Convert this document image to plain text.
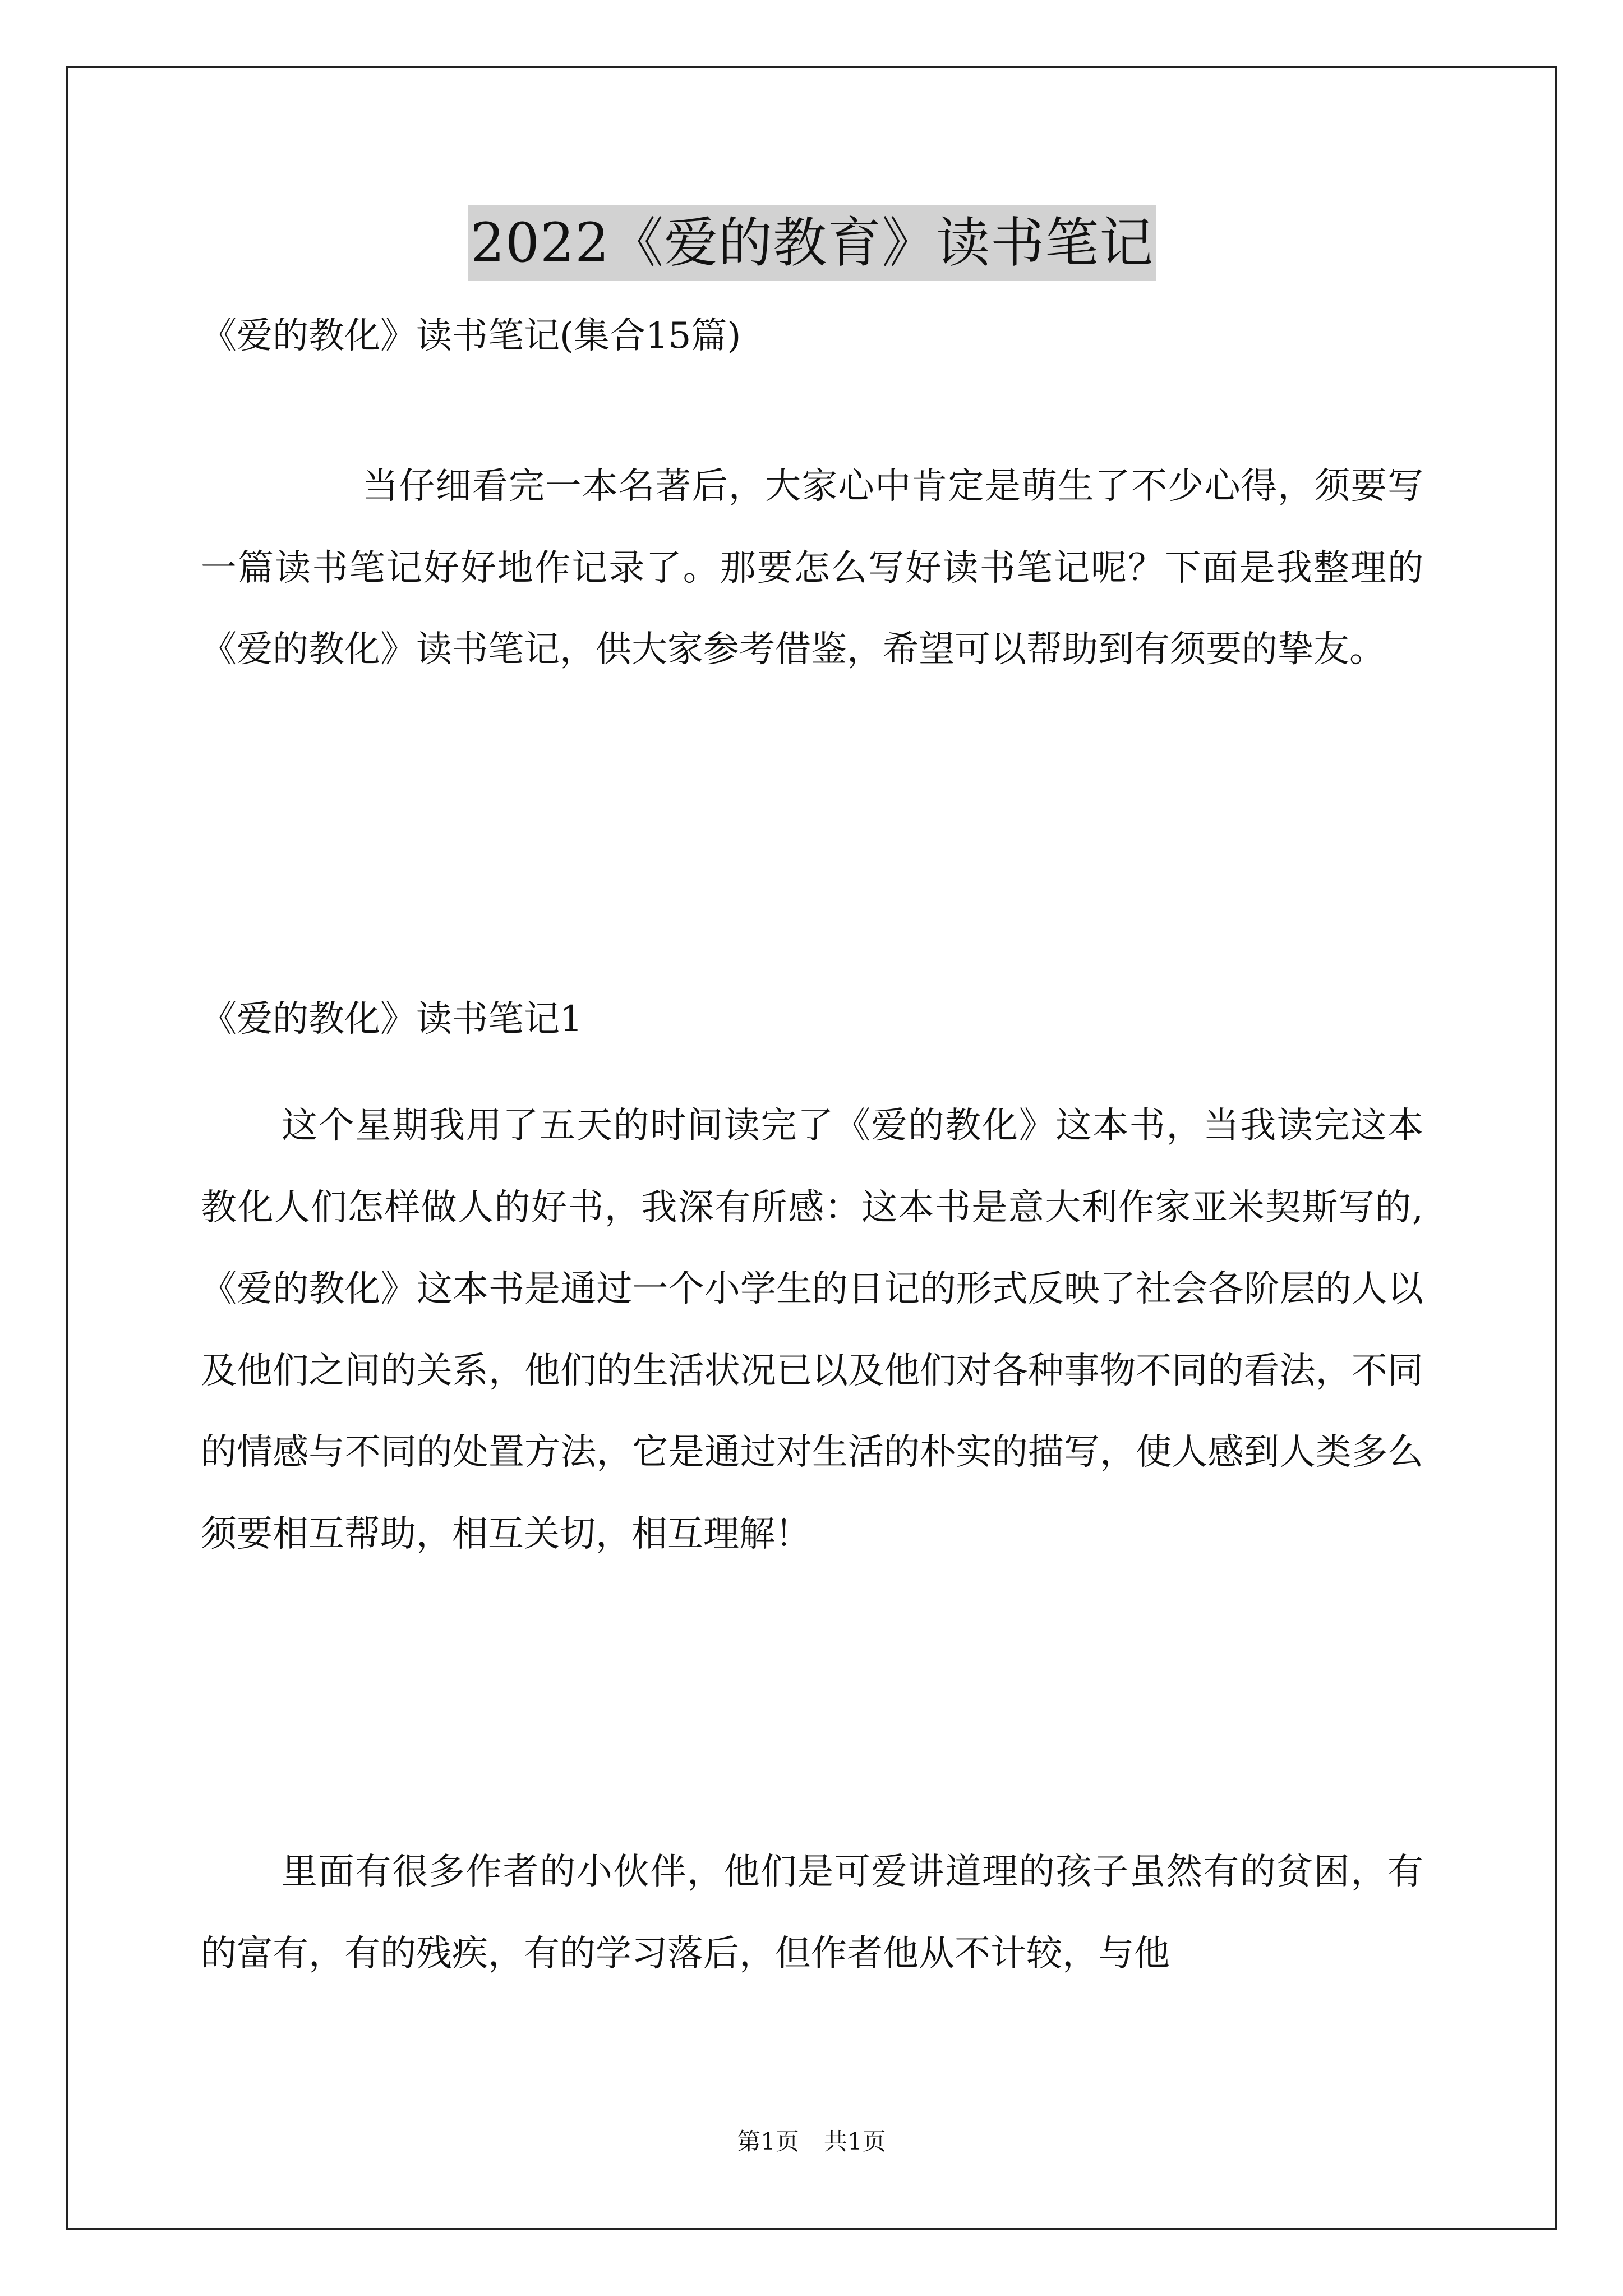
2022《爱的教育》读书笔记
《爱的教化》读书笔记(集合15篇)

当仔细看完一本名著后，大家心中肯定是萌生了不少心得，须要写一篇读书笔记好好地作记录了。那要怎么写好读书笔记呢？下面是我整理的《爱的教化》读书笔记，供大家参考借鉴，希望可以帮助到有须要的挚友。

《爱的教化》读书笔记1

这个星期我用了五天的时间读完了《爱的教化》这本书，当我读完这本教化人们怎样做人的好书，我深有所感：这本书是意大利作家亚米契斯写的,《爱的教化》这本书是通过一个小学生的日记的形式反映了社会各阶层的人以及他们之间的关系，他们的生活状况已以及他们对各种事物不同的看法，不同的情感与不同的处置方法，它是通过对生活的朴实的描写，使人感到人类多么须要相互帮助，相互关切，相互理解！

里面有很多作者的小伙伴，他们是可爱讲道理的孩子虽然有的贫困，有的富有，有的残疾，有的学习落后，但作者他从不计较，与他

第1页 共1页
